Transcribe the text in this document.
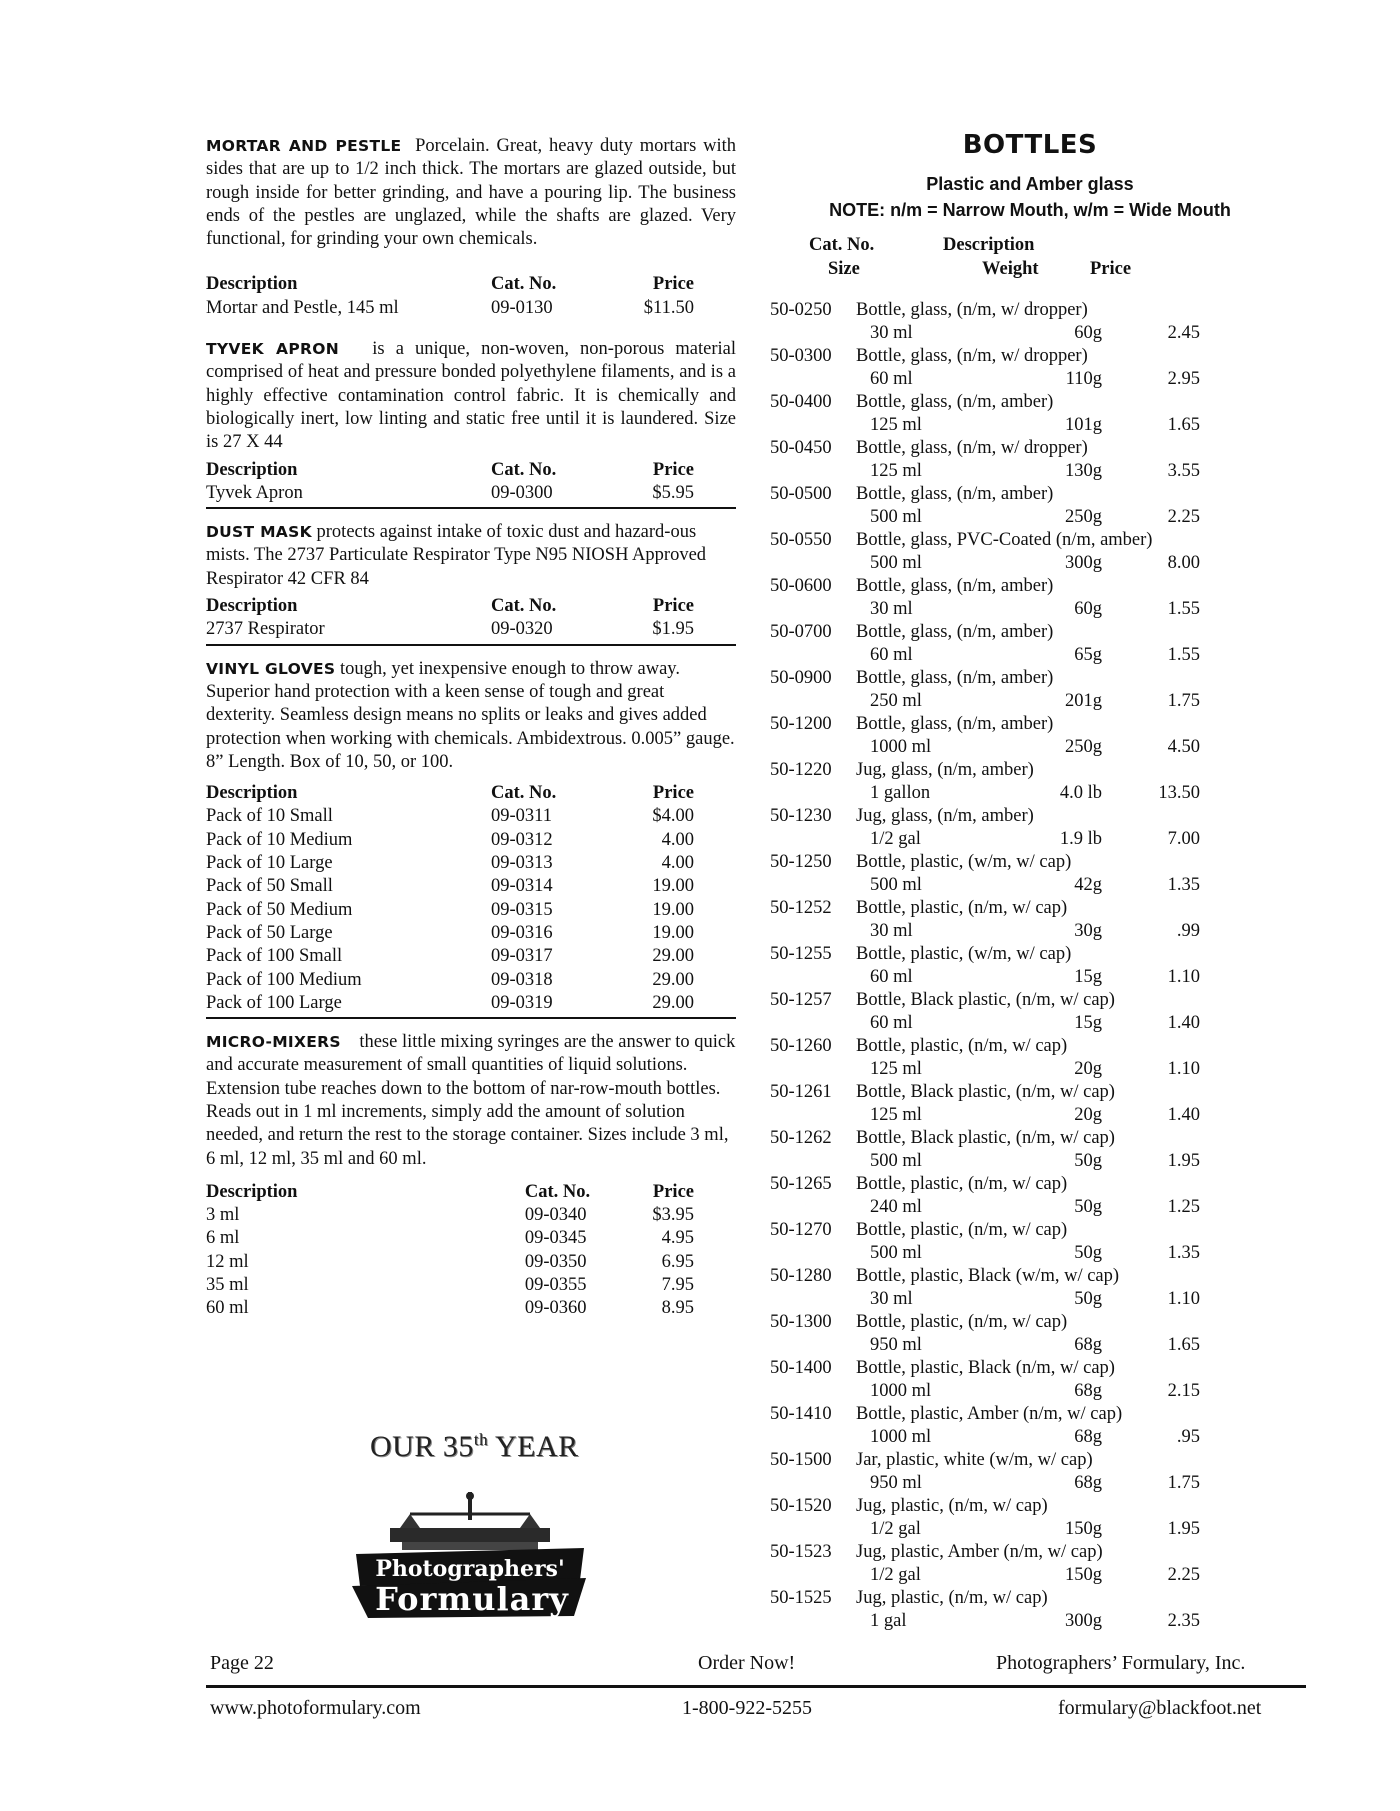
MORTAR AND PESTLE Porcelain. Great, heavy duty mortars with sides that are up to 1/2 inch thick. The mortars are glazed outside, but rough inside for better grinding, and have a pouring lip. The business ends of the pestles are unglazed, while the shafts are glazed. Very functional, for grinding your own chemicals.

Description	Cat. No.	Price
Mortar and Pestle, 145 ml	09-0130	$11.50

TYVEK APRON is a unique, non-woven, non-porous material comprised of heat and pressure bonded polyethylene filaments, and is a highly effective contamination control fabric. It is chemically and biologically inert, low linting and static free until it is laundered. Size is 27 X 44

Description	Cat. No.	Price
Tyvek Apron	09-0300	$5.95

DUST MASK protects against intake of toxic dust and hazard-ous mists. The 2737 Particulate Respirator Type N95 NIOSH Approved Respirator 42 CFR 84

Description	Cat. No.	Price
2737 Respirator	09-0320	$1.95

VINYL GLOVES tough, yet inexpensive enough to throw away. Superior hand protection with a keen sense of tough and great dexterity. Seamless design means no splits or leaks and gives added protection when working with chemicals. Ambidextrous. 0.005” gauge. 8” Length. Box of 10, 50, or 100.

Description	Cat. No.	Price
Pack of 10 Small	09-0311	$4.00
Pack of 10 Medium	09-0312	4.00
Pack of 10 Large	09-0313	4.00
Pack of 50 Small	09-0314	19.00
Pack of 50 Medium	09-0315	19.00
Pack of 50 Large	09-0316	19.00
Pack of 100 Small	09-0317	29.00
Pack of 100 Medium	09-0318	29.00
Pack of 100 Large	09-0319	29.00

MICRO-MIXERS these little mixing syringes are the answer to quick and accurate measurement of small quantities of liquid solutions. Extension tube reaches down to the bottom of nar-row-mouth bottles. Reads out in 1 ml increments, simply add the amount of solution needed, and return the rest to the storage container. Sizes include 3 ml, 6 ml, 12 ml, 35 ml and 60 ml.

Description	Cat. No.	Price
3 ml	09-0340	$3.95
6 ml	09-0345	4.95
12 ml	09-0350	6.95
35 ml	09-0355	7.95
60 ml	09-0360	8.95
OUR 35th YEAR
Photographers'
Formulary
BOTTLES
Plastic and Amber glass
NOTE: n/m = Narrow Mouth, w/m = Wide Mouth
Cat. No.	Description
Size	Weight	Price
50-0250 Bottle, glass, (n/m, w/ dropper)
30 ml	60g	2.45
50-0300 Bottle, glass, (n/m, w/ dropper)
60 ml	110g	2.95
50-0400 Bottle, glass, (n/m, amber)
125 ml	101g	1.65
50-0450 Bottle, glass, (n/m, w/ dropper)
125 ml	130g	3.55
50-0500 Bottle, glass, (n/m, amber)
500 ml	250g	2.25
50-0550 Bottle, glass, PVC-Coated (n/m, amber)
500 ml	300g	8.00
50-0600 Bottle, glass, (n/m, amber)
30 ml	60g	1.55
50-0700 Bottle, glass, (n/m, amber)
60 ml	65g	1.55
50-0900 Bottle, glass, (n/m, amber)
250 ml	201g	1.75
50-1200 Bottle, glass, (n/m, amber)
1000 ml	250g	4.50
50-1220 Jug, glass, (n/m, amber)
1 gallon	4.0 lb	13.50
50-1230 Jug, glass, (n/m, amber)
1/2 gal	1.9 lb	7.00
50-1250 Bottle, plastic, (w/m, w/ cap)
500 ml	42g	1.35
50-1252 Bottle, plastic, (n/m, w/ cap)
30 ml	30g	.99
50-1255 Bottle, plastic, (w/m, w/ cap)
60 ml	15g	1.10
50-1257 Bottle, Black plastic, (n/m, w/ cap)
60 ml	15g	1.40
50-1260 Bottle, plastic, (n/m, w/ cap)
125 ml	20g	1.10
50-1261 Bottle, Black plastic, (n/m, w/ cap)
125 ml	20g	1.40
50-1262 Bottle, Black plastic, (n/m, w/ cap)
500 ml	50g	1.95
50-1265 Bottle, plastic, (n/m, w/ cap)
240 ml	50g	1.25
50-1270 Bottle, plastic, (n/m, w/ cap)
500 ml	50g	1.35
50-1280 Bottle, plastic, Black (w/m, w/ cap)
30 ml	50g	1.10
50-1300 Bottle, plastic, (n/m, w/ cap)
950 ml	68g	1.65
50-1400 Bottle, plastic, Black (n/m, w/ cap)
1000 ml	68g	2.15
50-1410 Bottle, plastic, Amber (n/m, w/ cap)
1000 ml	68g	.95
50-1500 Jar, plastic, white (w/m, w/ cap)
950 ml	68g	1.75
50-1520 Jug, plastic, (n/m, w/ cap)
1/2 gal	150g	1.95
50-1523 Jug, plastic, Amber (n/m, w/ cap)
1/2 gal	150g	2.25
50-1525 Jug, plastic, (n/m, w/ cap)
1 gal	300g	2.35
Page 22	Order Now!	Photographers’ Formulary, Inc.
www.photoformulary.com	1-800-922-5255	formulary@blackfoot.net
